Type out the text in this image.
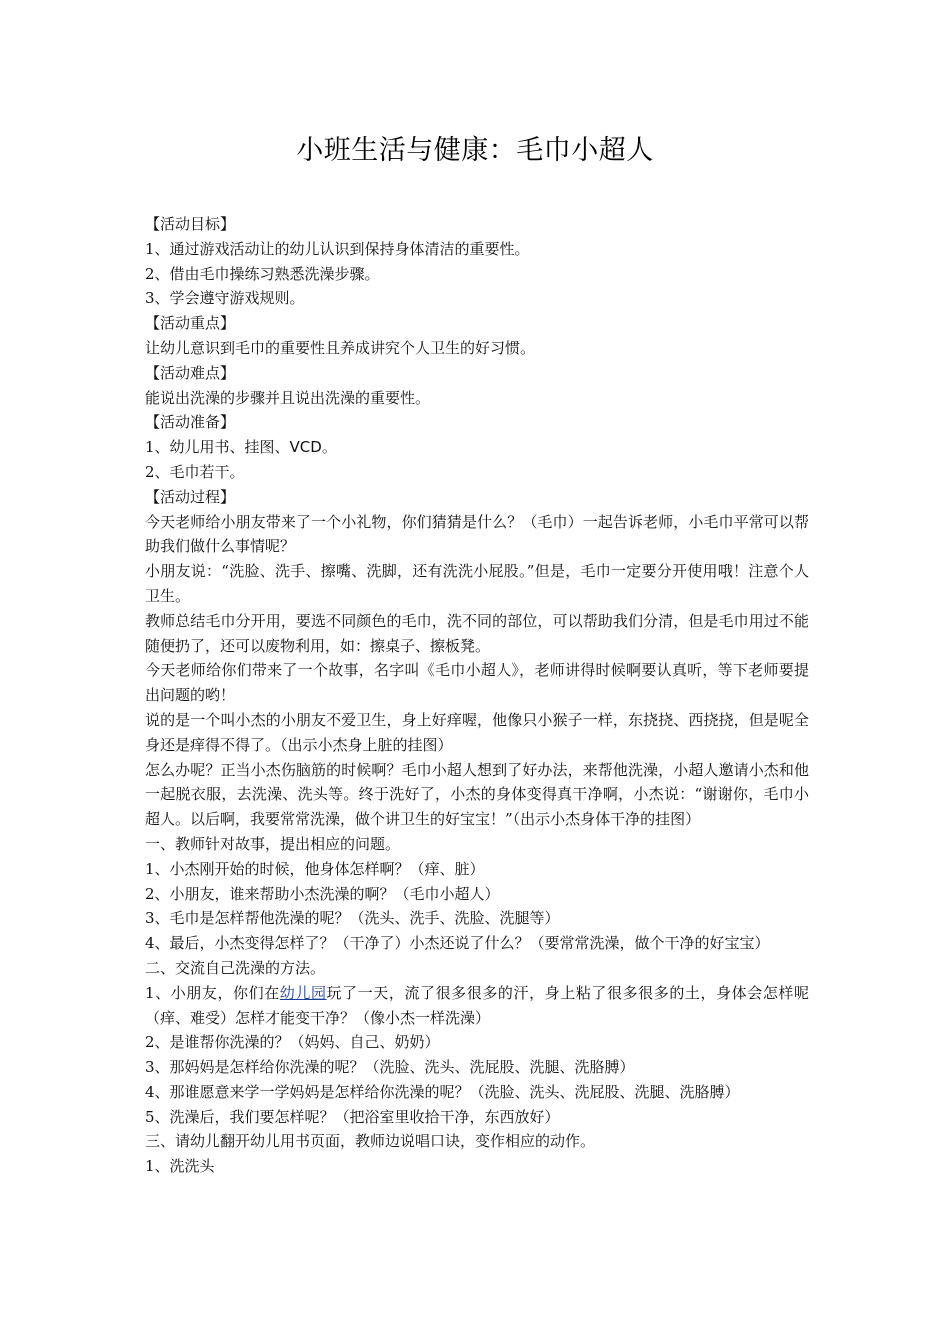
小班生活与健康：毛巾小超人

【活动目标】

1、通过游戏活动让的幼儿认识到保持身体清洁的重要性。

2、借由毛巾操练习熟悉洗澡步骤。

3、学会遵守游戏规则。

【活动重点】

让幼儿意识到毛巾的重要性且养成讲究个人卫生的好习惯。

【活动难点】

能说出洗澡的步骤并且说出洗澡的重要性。

【活动准备】

1、幼儿用书、挂图、VCD。

2、毛巾若干。

【活动过程】

今天老师给小朋友带来了一个小礼物，你们猜猜是什么？（毛巾）一起告诉老师，小毛巾平常可以帮助我们做什么事情呢？

小朋友说：“洗脸、洗手、擦嘴、洗脚，还有洗洗小屁股。”但是，毛巾一定要分开使用哦！注意个人卫生。

教师总结毛巾分开用，要选不同颜色的毛巾，洗不同的部位，可以帮助我们分清，但是毛巾用过不能随便扔了，还可以废物利用，如：擦桌子、擦板凳。

今天老师给你们带来了一个故事，名字叫《毛巾小超人》，老师讲得时候啊要认真听，等下老师要提出问题的哟！

说的是一个叫小杰的小朋友不爱卫生，身上好痒喔，他像只小猴子一样，东挠挠、西挠挠，但是呢全身还是痒得不得了。（出示小杰身上脏的挂图）

怎么办呢？正当小杰伤脑筋的时候啊？毛巾小超人想到了好办法，来帮他洗澡，小超人邀请小杰和他一起脱衣服，去洗澡、洗头等。终于洗好了，小杰的身体变得真干净啊，小杰说：“谢谢你，毛巾小超人。以后啊，我要常常洗澡，做个讲卫生的好宝宝！”（出示小杰身体干净的挂图）

一、教师针对故事，提出相应的问题。

1、小杰刚开始的时候，他身体怎样啊？（痒、脏）

2、小朋友，谁来帮助小杰洗澡的啊？（毛巾小超人）

3、毛巾是怎样帮他洗澡的呢？（洗头、洗手、洗脸、洗腿等）

4、最后，小杰变得怎样了？（干净了）小杰还说了什么？（要常常洗澡，做个干净的好宝宝）

二、交流自己洗澡的方法。

1、小朋友，你们在幼儿园玩了一天，流了很多很多的汗，身上粘了很多很多的土，身体会怎样呢（痒、难受）怎样才能变干净？（像小杰一样洗澡）

2、是谁帮你洗澡的？（妈妈、自己、奶奶）

3、那妈妈是怎样给你洗澡的呢？（洗脸、洗头、洗屁股、洗腿、洗胳膊）

4、那谁愿意来学一学妈妈是怎样给你洗澡的呢？（洗脸、洗头、洗屁股、洗腿、洗胳膊）

5、洗澡后，我们要怎样呢？（把浴室里收拾干净，东西放好）

三、请幼儿翻开幼儿用书页面，教师边说唱口诀，变作相应的动作。

1、洗洗头
